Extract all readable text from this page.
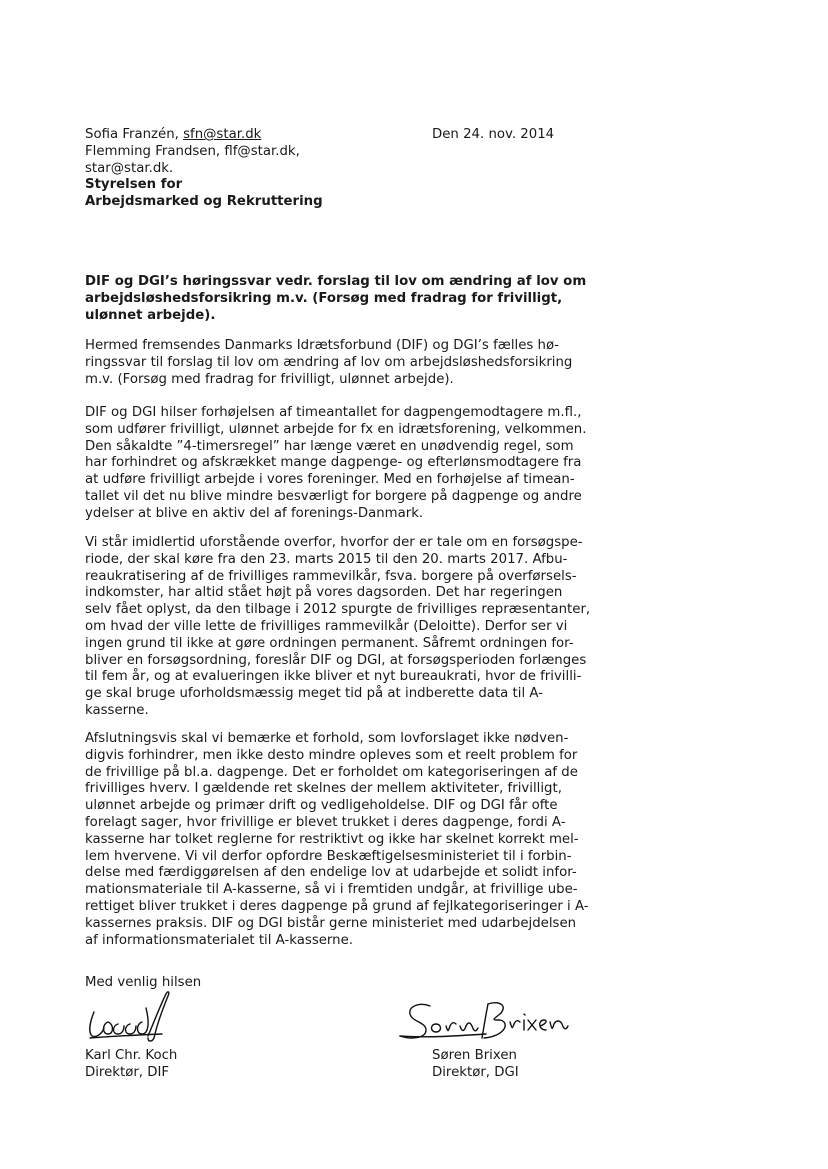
Sofia Franzén, sfn@star.dk
Flemming Frandsen, flf@star.dk,
star@star.dk.
Styrelsen for
Arbejdsmarked og Rekruttering
Den 24. nov. 2014
DIF og DGI’s høringssvar vedr. forslag til lov om ændring af lov om
arbejdsløshedsforsikring m.v. (Forsøg med fradrag for frivilligt,
ulønnet arbejde).
Hermed fremsendes Danmarks Idrætsforbund (DIF) og DGI’s fælles hø-
ringssvar til forslag til lov om ændring af lov om arbejdsløshedsforsikring
m.v. (Forsøg med fradrag for frivilligt, ulønnet arbejde).
DIF og DGI hilser forhøjelsen af timeantallet for dagpengemodtagere m.fl.,
som udfører frivilligt, ulønnet arbejde for fx en idrætsforening, velkommen.
Den såkaldte ”4-timersregel” har længe været en unødvendig regel, som
har forhindret og afskrækket mange dagpenge- og efterlønsmodtagere fra
at udføre frivilligt arbejde i vores foreninger. Med en forhøjelse af timean-
tallet vil det nu blive mindre besværligt for borgere på dagpenge og andre
ydelser at blive en aktiv del af forenings-Danmark.
Vi står imidlertid uforstående overfor, hvorfor der er tale om en forsøgspe-
riode, der skal køre fra den 23. marts 2015 til den 20. marts 2017. Afbu-
reaukratisering af de frivilliges rammevilkår, fsva. borgere på overførsels-
indkomster, har altid stået højt på vores dagsorden. Det har regeringen
selv fået oplyst, da den tilbage i 2012 spurgte de frivilliges repræsentanter,
om hvad der ville lette de frivilliges rammevilkår (Deloitte). Derfor ser vi
ingen grund til ikke at gøre ordningen permanent. Såfremt ordningen for-
bliver en forsøgsordning, foreslår DIF og DGI, at forsøgsperioden forlænges
til fem år, og at evalueringen ikke bliver et nyt bureaukrati, hvor de frivilli-
ge skal bruge uforholdsmæssig meget tid på at indberette data til A-
kasserne.
Afslutningsvis skal vi bemærke et forhold, som lovforslaget ikke nødven-
digvis forhindrer, men ikke desto mindre opleves som et reelt problem for
de frivillige på bl.a. dagpenge. Det er forholdet om kategoriseringen af de
frivilliges hverv. I gældende ret skelnes der mellem aktiviteter, frivilligt,
ulønnet arbejde og primær drift og vedligeholdelse. DIF og DGI får ofte
forelagt sager, hvor frivillige er blevet trukket i deres dagpenge, fordi A-
kasserne har tolket reglerne for restriktivt og ikke har skelnet korrekt mel-
lem hvervene. Vi vil derfor opfordre Beskæftigelsesministeriet til i forbin-
delse med færdiggørelsen af den endelige lov at udarbejde et solidt infor-
mationsmateriale til A-kasserne, så vi i fremtiden undgår, at frivillige ube-
rettiget bliver trukket i deres dagpenge på grund af fejlkategoriseringer i A-
kassernes praksis. DIF og DGI bistår gerne ministeriet med udarbejdelsen
af informationsmaterialet til A-kasserne.
Med venlig hilsen
Karl Chr. Koch
Direktør, DIF
Søren Brixen
Direktør, DGI
